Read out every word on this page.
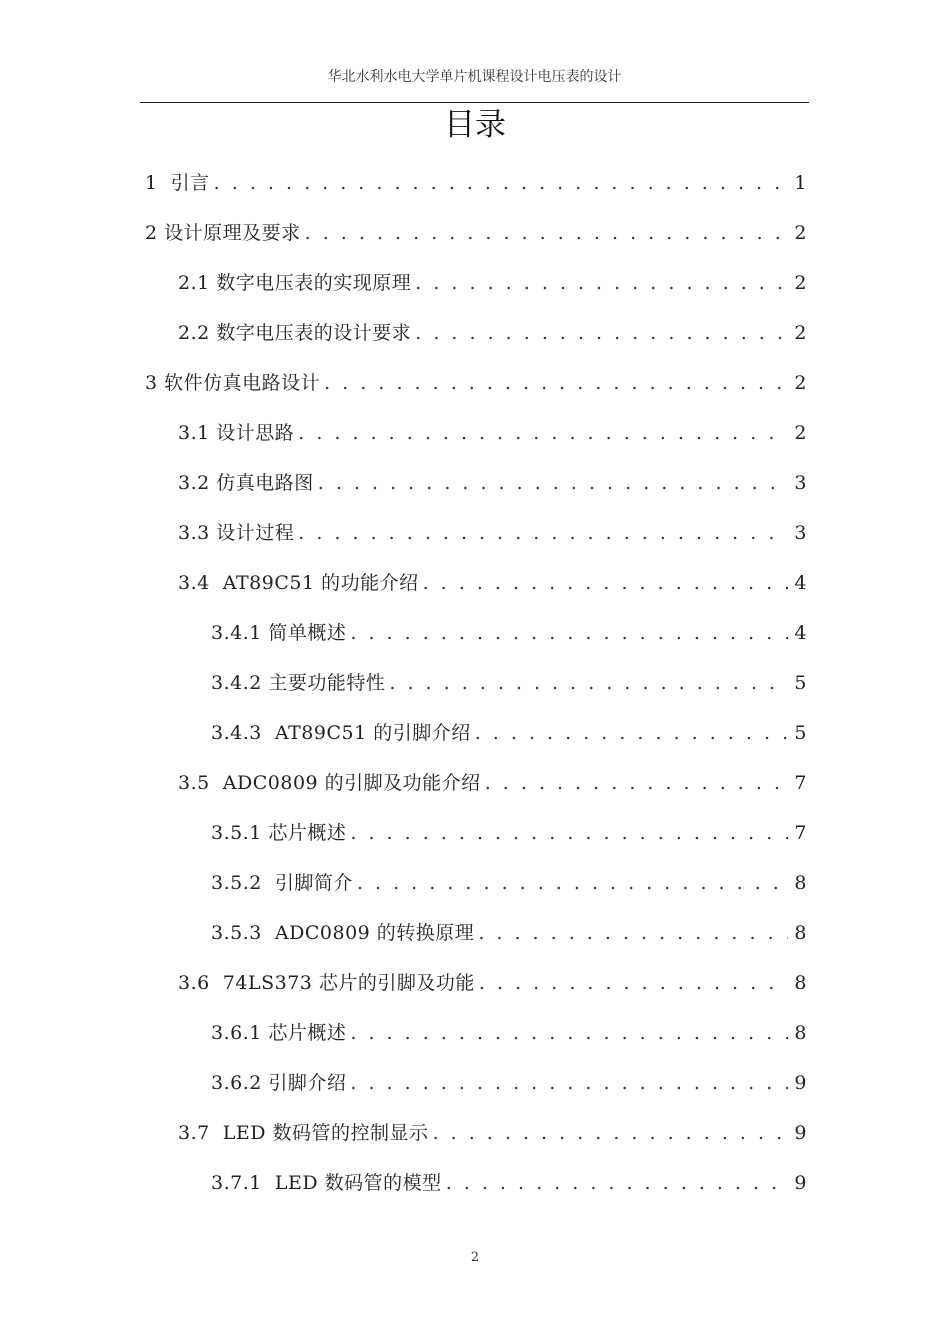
华北水利水电大学单片机课程设计电压表的设计
目录
1  引言 . . .	1
2 设计原理及要求 . . .	2
2.1 数字电压表的实现原理 . . .	2
2.2 数字电压表的设计要求 . . .	2
3 软件仿真电路设计 . . .	2
3.1 设计思路 . . .	2
3.2 仿真电路图 . . .	3
3.3 设计过程 . . .	3
3.4  AT89C51 的功能介绍 . . .	4
3.4.1 简单概述 . . .	4
3.4.2 主要功能特性 . . .	5
3.4.3  AT89C51 的引脚介绍 . . .	5
3.5  ADC0809 的引脚及功能介绍 . . .	7
3.5.1 芯片概述 . . .	7
3.5.2  引脚简介 . . .	8
3.5.3  ADC0809 的转换原理 . . .	8
3.6  74LS373 芯片的引脚及功能 . . .	8
3.6.1 芯片概述 . . .	8
3.6.2 引脚介绍 . . .	9
3.7  LED 数码管的控制显示 . . .	9
3.7.1  LED 数码管的模型 . . .	9
2
